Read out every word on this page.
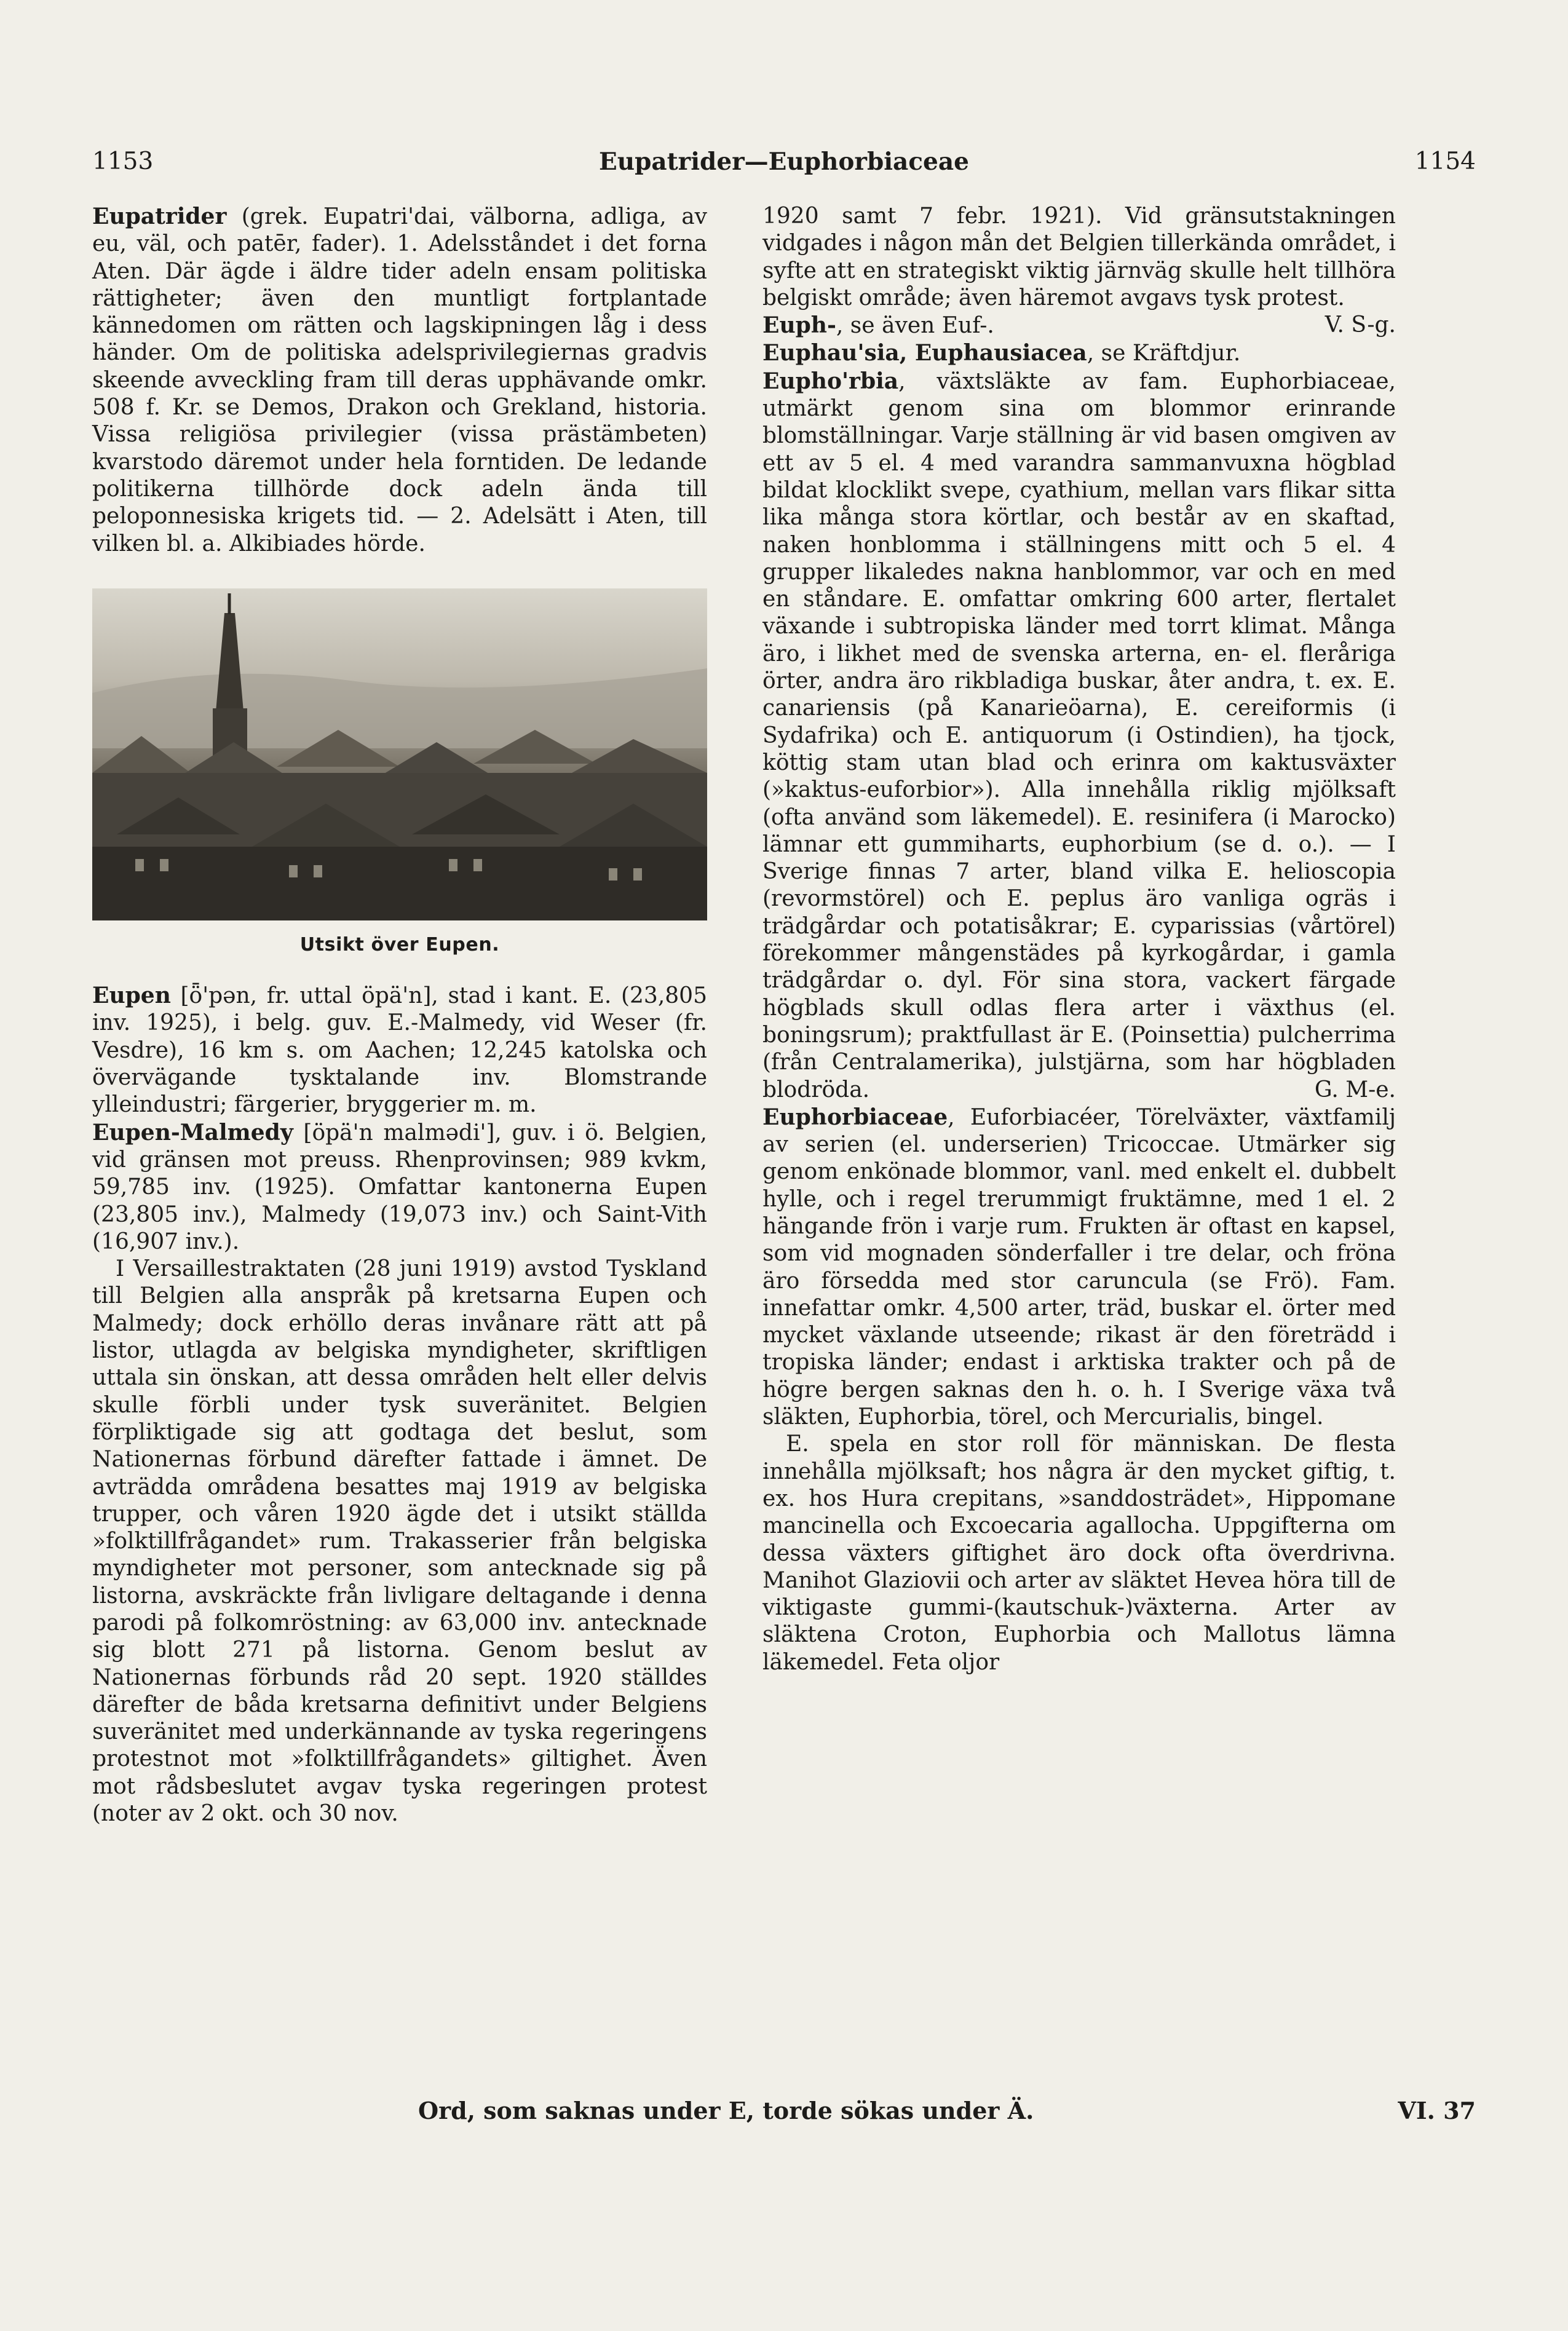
1153	Eupatrider—Euphorbiaceae	1154

Eupatrider (grek. Eupatri'dai, välborna, adliga, av eu, väl, och patēr, fader). 1. Adelsståndet i det forna Aten. Där ägde i äldre tider adeln ensam politiska rättigheter; även den muntligt fortplantade kännedomen om rätten och lagskipningen låg i dess händer. Om de politiska adelsprivilegiernas gradvis skeende avveckling fram till deras upphävande omkr. 508 f. Kr. se Demos, Drakon och Grekland, historia. Vissa religiösa privilegier (vissa prästämbeten) kvarstodo däremot under hela forntiden. De ledande politikerna tillhörde dock adeln ända till peloponnesiska krigets tid. — 2. Adelsätt i Aten, till vilken bl. a. Alkibiades hörde.

Utsikt över Eupen.

Eupen [ȫ'pən, fr. uttal öpä'n], stad i kant. E. (23,805 inv. 1925), i belg. guv. E.-Malmedy, vid Weser (fr. Vesdre), 16 km s. om Aachen; 12,245 katolska och övervägande tysktalande inv. Blomstrande ylleindustri; färgerier, bryggerier m. m.

Eupen-Malmedy [öpä'n malmədi'], guv. i ö. Belgien, vid gränsen mot preuss. Rhenprovinsen; 989 kvkm, 59,785 inv. (1925). Omfattar kantonerna Eupen (23,805 inv.), Malmedy (19,073 inv.) och Saint-Vith (16,907 inv.).

I Versaillestraktaten (28 juni 1919) avstod Tyskland till Belgien alla anspråk på kretsarna Eupen och Malmedy; dock erhöllo deras invånare rätt att på listor, utlagda av belgiska myndigheter, skriftligen uttala sin önskan, att dessa områden helt eller delvis skulle förbli under tysk suveränitet. Belgien förpliktigade sig att godtaga det beslut, som Nationernas förbund därefter fattade i ämnet. De avträdda områdena besattes maj 1919 av belgiska trupper, och våren 1920 ägde det i utsikt ställda »folktillfrågandet» rum. Trakasserier från belgiska myndigheter mot personer, som antecknade sig på listorna, avskräckte från livligare deltagande i denna parodi på folkomröstning: av 63,000 inv. antecknade sig blott 271 på listorna. Genom beslut av Nationernas förbunds råd 20 sept. 1920 ställdes därefter de båda kretsarna definitivt under Belgiens suveränitet med underkännande av tyska regeringens protestnot mot »folktillfrågandets» giltighet. Även mot rådsbeslutet avgav tyska regeringen protest (noter av 2 okt. och 30 nov.

1920 samt 7 febr. 1921). Vid gränsutstakningen vidgades i någon mån det Belgien tillerkända området, i syfte att en strategiskt viktig järnväg skulle helt tillhöra belgiskt område; även häremot avgavs tysk protest.
V. S-g.

Euph-, se även Euf-.

Euphau'sia, Euphausiacea, se Kräftdjur.

Eupho'rbia, växtsläkte av fam. Euphorbiaceae, utmärkt genom sina om blommor erinrande blomställningar. Varje ställning är vid basen omgiven av ett av 5 el. 4 med varandra sammanvuxna högblad bildat klocklikt svepe, cyathium, mellan vars flikar sitta lika många stora körtlar, och består av en skaftad, naken honblomma i ställningens mitt och 5 el. 4 grupper likaledes nakna hanblommor, var och en med en ståndare. E. omfattar omkring 600 arter, flertalet växande i subtropiska länder med torrt klimat. Många äro, i likhet med de svenska arterna, en- el. fleråriga örter, andra äro rikbladiga buskar, åter andra, t. ex. E. canariensis (på Kanarieöarna), E. cereiformis (i Sydafrika) och E. antiquorum (i Ostindien), ha tjock, köttig stam utan blad och erinra om kaktusväxter (»kaktus-euforbior»). Alla innehålla riklig mjölksaft (ofta använd som läkemedel). E. resinifera (i Marocko) lämnar ett gummiharts, euphorbium (se d. o.). — I Sverige finnas 7 arter, bland vilka E. helioscopia (revormstörel) och E. peplus äro vanliga ogräs i trädgårdar och potatisåkrar; E. cyparissias (vårtörel) förekommer mångenstädes på kyrkogårdar, i gamla trädgårdar o. dyl. För sina stora, vackert färgade högblads skull odlas flera arter i växthus (el. boningsrum); praktfullast är E. (Poinsettia) pulcherrima (från Centralamerika), julstjärna, som har högbladen blodröda.	G. M-e.

Euphorbiaceae, Euforbiacéer, Törelväxter, växtfamilj av serien (el. underserien) Tricoccae. Utmärker sig genom enkönade blommor, vanl. med enkelt el. dubbelt hylle, och i regel trerummigt fruktämne, med 1 el. 2 hängande frön i varje rum. Frukten är oftast en kapsel, som vid mognaden sönderfaller i tre delar, och fröna äro försedda med stor caruncula (se Frö). Fam. innefattar omkr. 4,500 arter, träd, buskar el. örter med mycket växlande utseende; rikast är den företrädd i tropiska länder; endast i arktiska trakter och på de högre bergen saknas den h. o. h. I Sverige växa två släkten, Euphorbia, törel, och Mercurialis, bingel.

E. spela en stor roll för människan. De flesta innehålla mjölksaft; hos några är den mycket giftig, t. ex. hos Hura crepitans, »sanddosträdet», Hippomane mancinella och Excoecaria agallocha. Uppgifterna om dessa växters giftighet äro dock ofta överdrivna. Manihot Glaziovii och arter av släktet Hevea höra till de viktigaste gummi-(kautschuk-)växterna. Arter av släktena Croton, Euphorbia och Mallotus lämna läkemedel. Feta oljor

Ord, som saknas under E, torde sökas under Ä.	VI. 37
